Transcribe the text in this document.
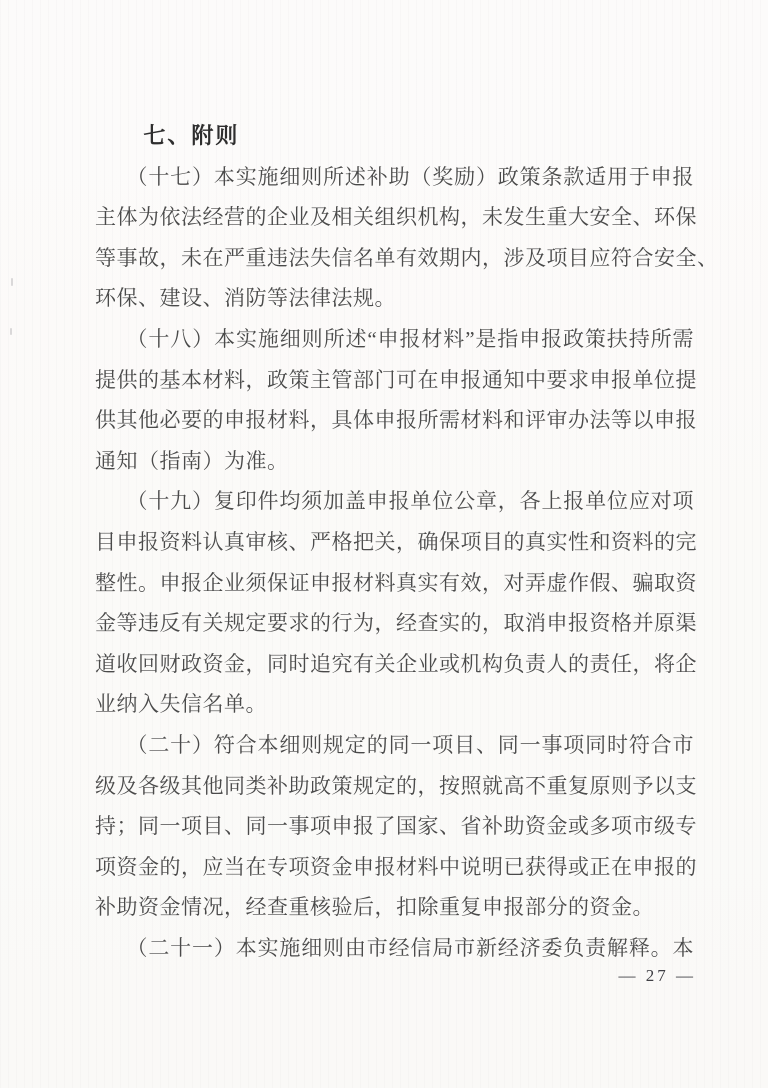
七、附则
（十七）本实施细则所述补助（奖励）政策条款适用于申报
主体为依法经营的企业及相关组织机构，未发生重大安全、环保
等事故，未在严重违法失信名单有效期内，涉及项目应符合安全、
环保、建设、消防等法律法规。
（十八）本实施细则所述“申报材料”是指申报政策扶持所需
提供的基本材料，政策主管部门可在申报通知中要求申报单位提
供其他必要的申报材料，具体申报所需材料和评审办法等以申报
通知（指南）为准。
（十九）复印件均须加盖申报单位公章，各上报单位应对项
目申报资料认真审核、严格把关，确保项目的真实性和资料的完
整性。申报企业须保证申报材料真实有效，对弄虚作假、骗取资
金等违反有关规定要求的行为，经查实的，取消申报资格并原渠
道收回财政资金，同时追究有关企业或机构负责人的责任，将企
业纳入失信名单。
（二十）符合本细则规定的同一项目、同一事项同时符合市
级及各级其他同类补助政策规定的，按照就高不重复原则予以支
持；同一项目、同一事项申报了国家、省补助资金或多项市级专
项资金的，应当在专项资金申报材料中说明已获得或正在申报的
补助资金情况，经查重核验后，扣除重复申报部分的资金。
（二十一）本实施细则由市经信局市新经济委负责解释。本
— 27 —
